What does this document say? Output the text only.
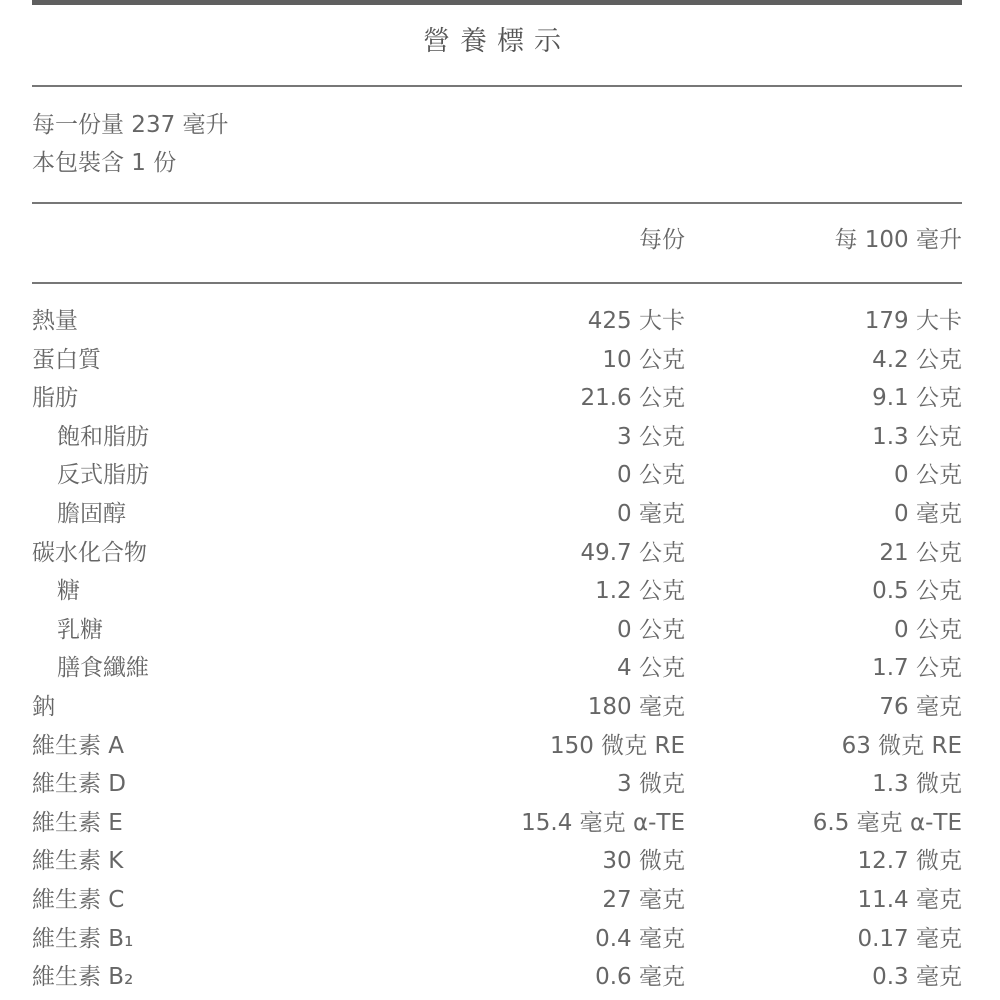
營養標示
每一份量 237 毫升
本包裝含 1 份
每份	每 100 毫升
熱量	425 大卡	179 大卡
蛋白質	10 公克	4.2 公克
脂肪	21.6 公克	9.1 公克
飽和脂肪	3 公克	1.3 公克
反式脂肪	0 公克	0 公克
膽固醇	0 毫克	0 毫克
碳水化合物	49.7 公克	21 公克
糖	1.2 公克	0.5 公克
乳糖	0 公克	0 公克
膳食纖維	4 公克	1.7 公克
鈉	180 毫克	76 毫克
維生素 A	150 微克 RE	63 微克 RE
維生素 D	3 微克	1.3 微克
維生素 E	15.4 毫克 α-TE	6.5 毫克 α-TE
維生素 K	30 微克	12.7 微克
維生素 C	27 毫克	11.4 毫克
維生素 B₁	0.4 毫克	0.17 毫克
維生素 B₂	0.6 毫克	0.3 毫克
